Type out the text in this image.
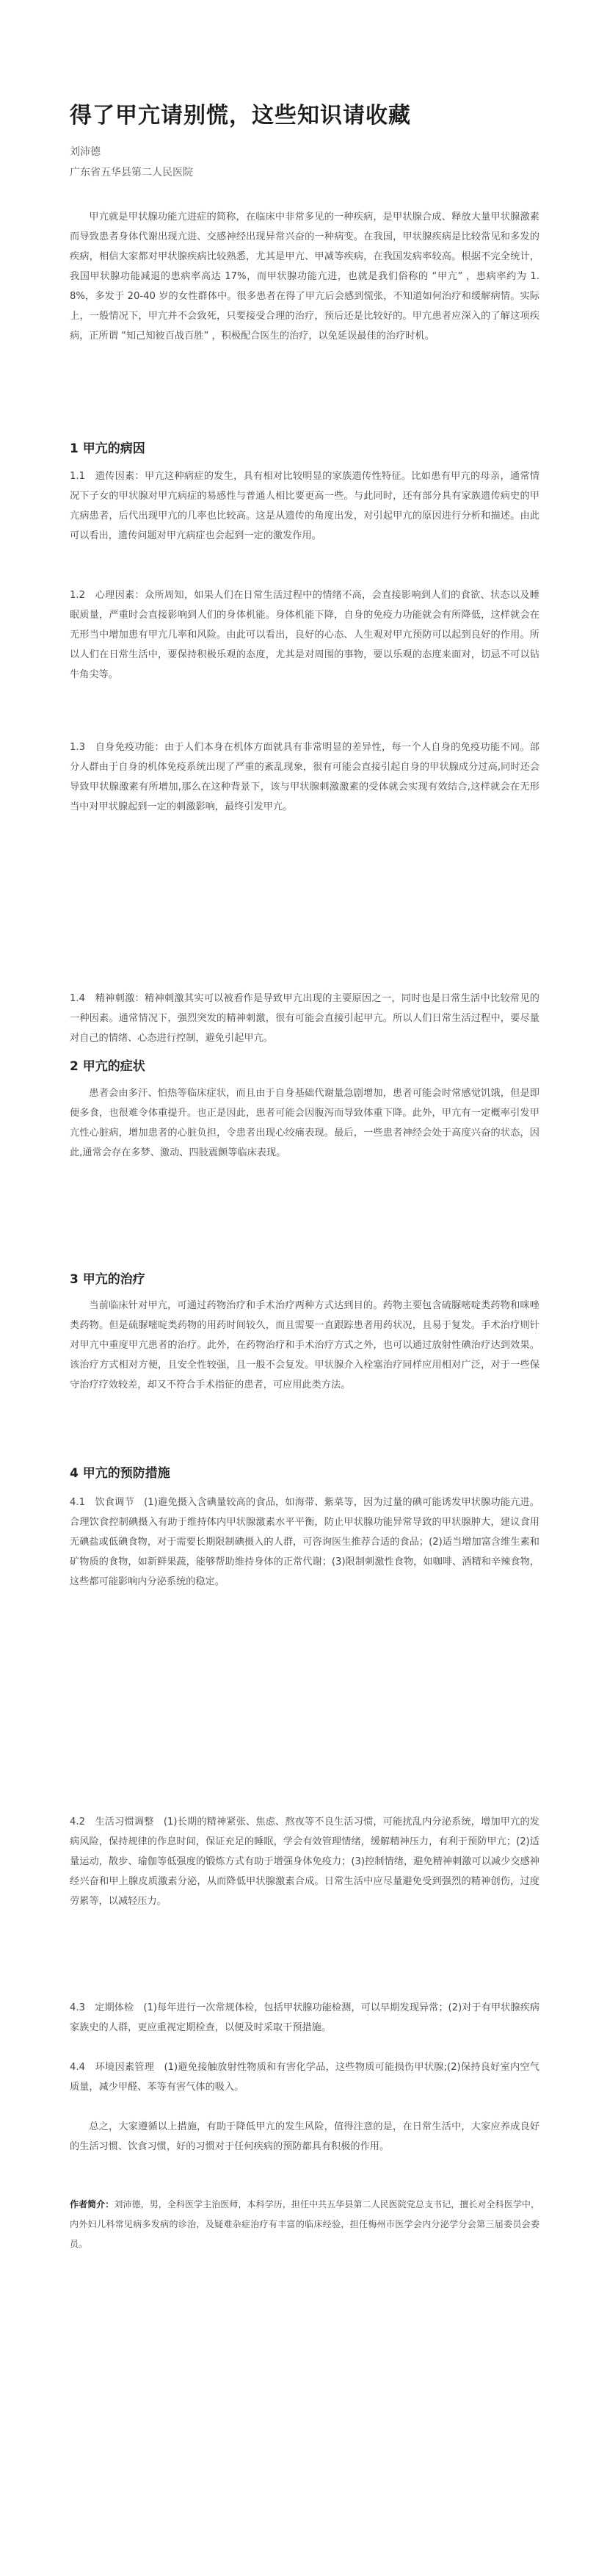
得了甲亢请别慌，这些知识请收藏
刘沛德
广东省五华县第二人民医院
甲亢就是甲状腺功能亢进症的简称，在临床中非常多见的一种疾病，是甲状腺合成、释放大量甲状腺激素而导致患者身体代谢出现亢进、交感神经出现异常兴奋的一种病变。在我国，甲状腺疾病是比较常见和多发的疾病，相信大家都对甲状腺疾病比较熟悉，尤其是甲亢、甲减等疾病，在我国发病率较高。根据不完全统计，我国甲状腺功能减退的患病率高达 17%，而甲状腺功能亢进，也就是我们俗称的 “甲亢” ，患病率约为 1.8%，多发于 20-40 岁的女性群体中。很多患者在得了甲亢后会感到慌张，不知道如何治疗和缓解病情。实际上，一般情况下，甲亢并不会致死，只要接受合理的治疗，预后还是比较好的。甲亢患者应深入的了解这项疾病，正所谓 “知己知彼百战百胜” ，积极配合医生的治疗，以免延误最佳的治疗时机。
1 甲亢的病因
1.1　遗传因素：甲亢这种病症的发生，具有相对比较明显的家族遗传性特征。比如患有甲亢的母亲，通常情况下子女的甲状腺对甲亢病症的易感性与普通人相比要更高一些。与此同时，还有部分具有家族遗传病史的甲亢病患者，后代出现甲亢的几率也比较高。这是从遗传的角度出发，对引起甲亢的原因进行分析和描述。由此可以看出，遗传问题对甲亢病症也会起到一定的激发作用。
1.2　心理因素：众所周知，如果人们在日常生活过程中的情绪不高，会直接影响到人们的食欲、状态以及睡眠质量，严重时会直接影响到人们的身体机能。身体机能下降，自身的免疫力功能就会有所降低，这样就会在无形当中增加患有甲亢几率和风险。由此可以看出，良好的心态、人生观对甲亢预防可以起到良好的作用。所以人们在日常生活中，要保持积极乐观的态度，尤其是对周围的事物，要以乐观的态度来面对，切忌不可以钻牛角尖等。
1.3　自身免疫功能：由于人们本身在机体方面就具有非常明显的差异性，每一个人自身的免疫功能不同。部分人群由于自身的机体免疫系统出现了严重的紊乱现象，很有可能会直接引起自身的甲状腺成分过高,同时还会导致甲状腺激素有所增加,那么在这种背景下，该与甲状腺刺激激素的受体就会实现有效结合,这样就会在无形当中对甲状腺起到一定的刺激影响，最终引发甲亢。
1.4　精神刺激：精神刺激其实可以被看作是导致甲亢出现的主要原因之一，同时也是日常生活中比较常见的一种因素。通常情况下，强烈突发的精神刺激，很有可能会直接引起甲亢。所以人们日常生活过程中，要尽量对自己的情绪、心态进行控制，避免引起甲亢。
2 甲亢的症状
患者会由多汗、怕热等临床症状，而且由于自身基础代谢量急剧增加，患者可能会时常感觉饥饿，但是即便多食，也很难令体重提升。也正是因此，患者可能会因腹泻而导致体重下降。此外，甲亢有一定概率引发甲亢性心脏病，增加患者的心脏负担，令患者出现心绞痛表现。最后，一些患者神经会处于高度兴奋的状态，因此,通常会存在多梦、激动、四肢震颤等临床表现。
3 甲亢的治疗
当前临床针对甲亢，可通过药物治疗和手术治疗两种方式达到目的。药物主要包含硫脲嘧啶类药物和咪唑类药物。但是硫脲嘧啶类药物的用药时间较久，而且需要一直跟踪患者用药状况，且易于复发。手术治疗则针对甲亢中重度甲亢患者的治疗。此外，在药物治疗和手术治疗方式之外，也可以通过放射性碘治疗达到效果。该治疗方式相对方便，且安全性较强，且一般不会复发。甲状腺介入栓塞治疗同样应用相对广泛，对于一些保守治疗疗效较差，却又不符合手术指征的患者，可应用此类方法。
4 甲亢的预防措施
4.1　饮食调节　(1)避免摄入含碘量较高的食品，如海带、紫菜等，因为过量的碘可能诱发甲状腺功能亢进。合理饮食控制碘摄入有助于维持体内甲状腺激素水平平衡，防止甲状腺功能异常导致的甲状腺肿大，建议食用无碘盐或低碘食物，对于需要长期限制碘摄入的人群，可咨询医生推荐合适的食品；(2)适当增加富含维生素和矿物质的食物，如新鲜果蔬，能够帮助维持身体的正常代谢；(3)限制刺激性食物，如咖啡、酒精和辛辣食物，这些都可能影响内分泌系统的稳定。
4.2　生活习惯调整　(1)长期的精神紧张、焦虑、熬夜等不良生活习惯，可能扰乱内分泌系统，增加甲亢的发病风险，保持规律的作息时间，保证充足的睡眠，学会有效管理情绪，缓解精神压力，有利于预防甲亢；(2)适量运动，散步、瑜伽等低强度的锻炼方式有助于增强身体免疫力；(3)控制情绪，避免精神刺激可以减少交感神经兴奋和甲上腺皮质激素分泌，从而降低甲状腺激素合成。日常生活中应尽量避免受到强烈的精神创伤，过度劳累等，以减轻压力。
4.3　定期体检　(1)每年进行一次常规体检，包括甲状腺功能检测，可以早期发现异常；(2)对于有甲状腺疾病家族史的人群，更应重视定期检查，以便及时采取干预措施。
4.4　环境因素管理　(1)避免接触放射性物质和有害化学品，这些物质可能损伤甲状腺;(2)保持良好室内空气质量，减少甲醛、苯等有害气体的吸入。
总之，大家遵循以上措施，有助于降低甲亢的发生风险，值得注意的是，在日常生活中，大家应养成良好的生活习惯、饮食习惯，好的习惯对于任何疾病的预防都具有积极的作用。
作者简介：刘沛德，男，全科医学主治医师，本科学历，担任中共五华县第二人民医院党总支书记，擅长对全科医学中，内外妇儿科常见病多发病的诊治，及疑难杂症治疗有丰富的临床经验，担任梅州市医学会内分泌学分会第三届委员会委员。
